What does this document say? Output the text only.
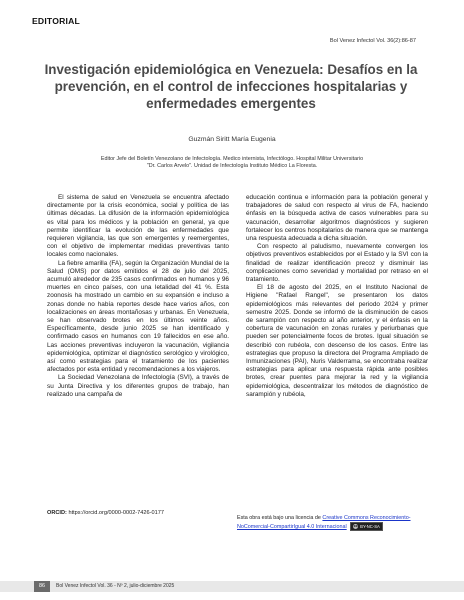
EDITORIAL
Bol Venez Infectol Vol. 36(2):86-87
Investigación epidemiológica en Venezuela: Desafíos en la prevención, en el control de infecciones hospitalarias y enfermedades emergentes
Guzmán Siritt María Eugenia
Editor Jefe del Boletín Venezolano de Infectología. Medico internista, Infectólogo. Hospital Militar Universitario
"Dr. Carlos Arvelo". Unidad de Infectología Instituto Médico La Floresta.

El sistema de salud en Venezuela se encuentra afectado directamente por la crisis económica, social y política de las últimas décadas. La difusión de la información epidemiológica es vital para los médicos y la población en general, ya que permite identificar la evolución de las enfermedades que requieren vigilancia, las que son emergentes y reemergentes, con el objetivo de implementar medidas preventivas tanto locales como nacionales.

La fiebre amarilla (FA), según la Organización Mundial de la Salud (OMS) por datos emitidos el 28 de julio del 2025, acumuló alrededor de 235 casos confirmados en humanos y 96 muertes en cinco países, con una letalidad del 41 %. Esta zoonosis ha mostrado un cambio en su expansión e incluso a zonas donde no había reportes desde hace varios años, con localizaciones en áreas montañosas y urbanas. En Venezuela, se han observado brotes en los últimos veinte años. Específicamente, desde junio 2025 se han identificado y confirmado casos en humanos con 19 fallecidos en ese año. Las acciones preventivas incluyeron la vacunación, vigilancia epidemiológica, optimizar el diagnóstico serológico y virológico, así como estrategias para el tratamiento de los pacientes afectados por esta entidad y recomendaciones a los viajeros.

La Sociedad Venezolana de Infectología (SVI), a través de su Junta Directiva y los diferentes grupos de trabajo, han realizado una campaña de

educación continua e información para la población general y trabajadores de salud con respecto al virus de FA, haciendo énfasis en la búsqueda activa de casos vulnerables para su vacunación, desarrollar algoritmos diagnósticos y sugieren fortalecer los centros hospitalarios de manera que se mantenga una respuesta adecuada a dicha situación.

Con respecto al paludismo, nuevamente convergen los objetivos preventivos establecidos por el Estado y la SVI con la finalidad de realizar identificación precoz y disminuir las complicaciones como severidad y mortalidad por retraso en el tratamiento.

El 18 de agosto del 2025, en el Instituto Nacional de Higiene "Rafael Rangel", se presentaron los datos epidemiológicos más relevantes del periodo 2024 y primer semestre 2025. Donde se informó de la disminución de casos de sarampión con respecto al año anterior, y el énfasis en la cobertura de vacunación en zonas rurales y periurbanas que pueden ser potencialmente focos de brotes. Igual situación se describió con rubéola, con descenso de los casos. Entre las estrategias que propuso la directora del Programa Ampliado de Inmunizaciones (PAI), Nuris Valderrama, se encontraba realizar estrategias para aplicar una respuesta rápida ante posibles brotes, crear puentes para mejorar la red y la vigilancia epidemiológica, descentralizar los métodos de diagnóstico de sarampión y rubéola,

ORCID: https://orcid.org/0000-0002-7426-0177
Esta obra está bajo una licencia de Creative Commons Reconocimiento-NoComercial-CompartirIgual 4.0 Internacional cc BY-NC-SA
86	Bol Venez Infectol Vol. 36 - Nº 2, julio-diciembre 2025
